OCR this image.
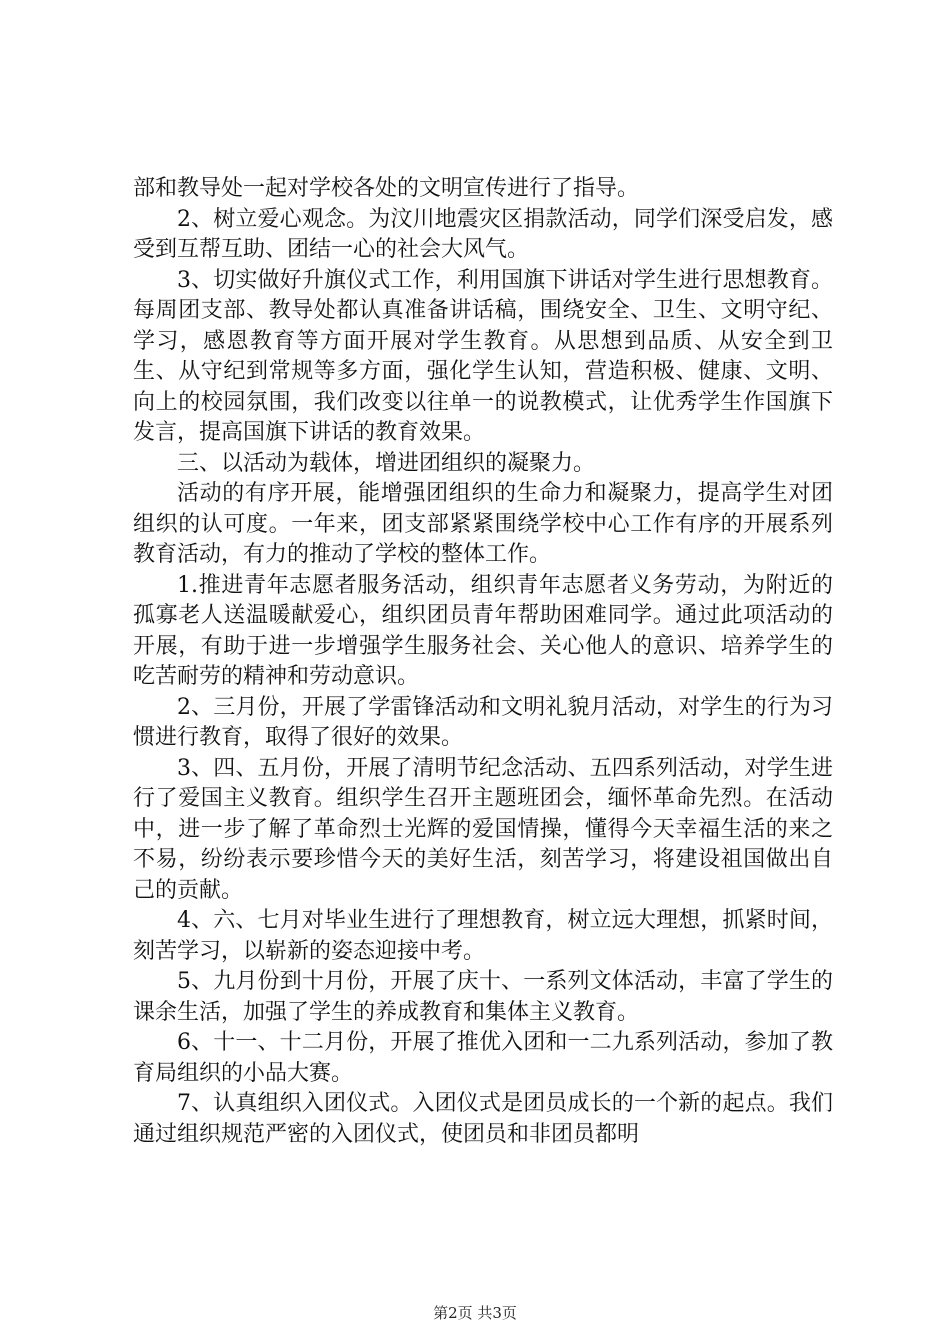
部和教导处一起对学校各处的文明宣传进行了指导。

2、树立爱心观念。为汶川地震灾区捐款活动，同学们深受启发，感受到互帮互助、团结一心的社会大风气。

3、切实做好升旗仪式工作，利用国旗下讲话对学生进行思想教育。每周团支部、教导处都认真准备讲话稿，围绕安全、卫生、文明守纪、学习，感恩教育等方面开展对学生教育。从思想到品质、从安全到卫生、从守纪到常规等多方面，强化学生认知，营造积极、健康、文明、向上的校园氛围，我们改变以往单一的说教模式，让优秀学生作国旗下发言，提高国旗下讲话的教育效果。

三、以活动为载体，增进团组织的凝聚力。

活动的有序开展，能增强团组织的生命力和凝聚力，提高学生对团组织的认可度。一年来，团支部紧紧围绕学校中心工作有序的开展系列教育活动，有力的推动了学校的整体工作。

1.推进青年志愿者服务活动，组织青年志愿者义务劳动，为附近的孤寡老人送温暖献爱心，组织团员青年帮助困难同学。通过此项活动的开展，有助于进一步增强学生服务社会、关心他人的意识、培养学生的吃苦耐劳的精神和劳动意识。

2、三月份，开展了学雷锋活动和文明礼貌月活动，对学生的行为习惯进行教育，取得了很好的效果。

3、四、五月份，开展了清明节纪念活动、五四系列活动，对学生进行了爱国主义教育。组织学生召开主题班团会，缅怀革命先烈。在活动中，进一步了解了革命烈士光辉的爱国情操，懂得今天幸福生活的来之不易，纷纷表示要珍惜今天的美好生活，刻苦学习，将建设祖国做出自己的贡献。

4、六、七月对毕业生进行了理想教育，树立远大理想，抓紧时间，刻苦学习，以崭新的姿态迎接中考。

5、九月份到十月份，开展了庆十、一系列文体活动，丰富了学生的课余生活，加强了学生的养成教育和集体主义教育。

6、十一、十二月份，开展了推优入团和一二九系列活动，参加了教育局组织的小品大赛。

7、认真组织入团仪式。入团仪式是团员成长的一个新的起点。我们通过组织规范严密的入团仪式，使团员和非团员都明

第2页 共3页
